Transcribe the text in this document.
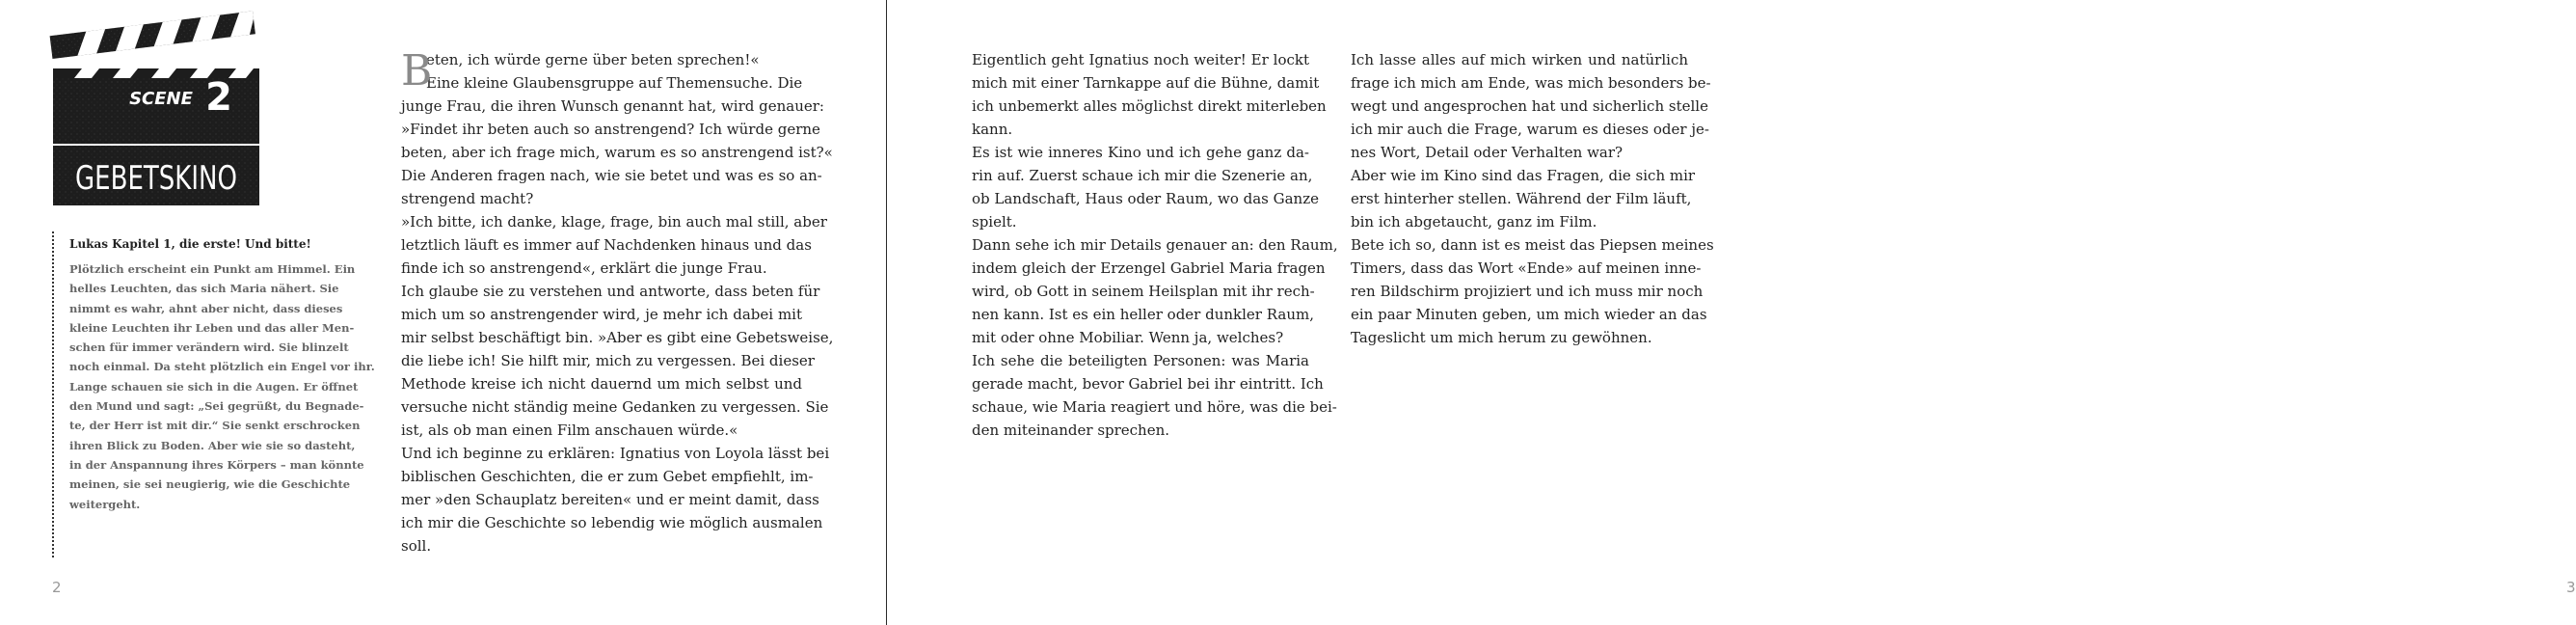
SCENE 2
GEBETSKINO
Lukas Kapitel 1, die erste! Und bitte!
Plötzlich erscheint ein Punkt am Himmel. Ein
helles Leuchten, das sich Maria nähert. Sie
nimmt es wahr, ahnt aber nicht, dass dieses
kleine Leuchten ihr Leben und das aller Men-
schen für immer verändern wird. Sie blinzelt
noch einmal. Da steht plötzlich ein Engel vor ihr.
Lange schauen sie sich in die Augen. Er öffnet
den Mund und sagt: „Sei gegrüßt, du Begnade-
te, der Herr ist mit dir.“ Sie senkt erschrocken
ihren Blick zu Boden. Aber wie sie so dasteht,
in der Anspannung ihres Körpers – man könnte
meinen, sie sei neugierig, wie die Geschichte
weitergeht.
B
eten, ich würde gerne über beten sprechen!«
Eine kleine Glaubensgruppe auf Themensuche. Die
junge Frau, die ihren Wunsch genannt hat, wird genauer:
»Findet ihr beten auch so anstrengend? Ich würde gerne
beten, aber ich frage mich, warum es so anstrengend ist?«
Die Anderen fragen nach, wie sie betet und was es so an-
strengend macht?
»Ich bitte, ich danke, klage, frage, bin auch mal still, aber
letztlich läuft es immer auf Nachdenken hinaus und das
finde ich so anstrengend«, erklärt die junge Frau.
Ich glaube sie zu verstehen und antworte, dass beten für
mich um so anstrengender wird, je mehr ich dabei mit
mir selbst beschäftigt bin. »Aber es gibt eine Gebetsweise,
die liebe ich! Sie hilft mir, mich zu vergessen. Bei dieser
Methode kreise ich nicht dauernd um mich selbst und
versuche nicht ständig meine Gedanken zu vergessen. Sie
ist, als ob man einen Film anschauen würde.«
Und ich beginne zu erklären: Ignatius von Loyola lässt bei
biblischen Geschichten, die er zum Gebet empfiehlt, im-
mer »den Schauplatz bereiten« und er meint damit, dass
ich mir die Geschichte so lebendig wie möglich ausmalen
soll.
2	3
Eigentlich geht Ignatius noch weiter! Er lockt
mich mit einer Tarnkappe auf die Bühne, damit
ich unbemerkt alles möglichst direkt miterleben
kann.
Es ist wie inneres Kino und ich gehe ganz da-
rin auf. Zuerst schaue ich mir die Szenerie an,
ob Landschaft, Haus oder Raum, wo das Ganze
spielt.
Dann sehe ich mir Details genauer an: den Raum,
indem gleich der Erzengel Gabriel Maria fragen
wird, ob Gott in seinem Heilsplan mit ihr rech-
nen kann. Ist es ein heller oder dunkler Raum,
mit oder ohne Mobiliar. Wenn ja, welches?
Ich sehe die beteiligten Personen: was Maria
gerade macht, bevor Gabriel bei ihr eintritt. Ich
schaue, wie Maria reagiert und höre, was die bei-
den miteinander sprechen.
Ich lasse alles auf mich wirken und natürlich
frage ich mich am Ende, was mich besonders be-
wegt und angesprochen hat und sicherlich stelle
ich mir auch die Frage, warum es dieses oder je-
nes Wort, Detail oder Verhalten war?
Aber wie im Kino sind das Fragen, die sich mir
erst hinterher stellen. Während der Film läuft,
bin ich abgetaucht, ganz im Film.
Bete ich so, dann ist es meist das Piepsen meines
Timers, dass das Wort «Ende» auf meinen inne-
ren Bildschirm projiziert und ich muss mir noch
ein paar Minuten geben, um mich wieder an das
Tageslicht um mich herum zu gewöhnen.
